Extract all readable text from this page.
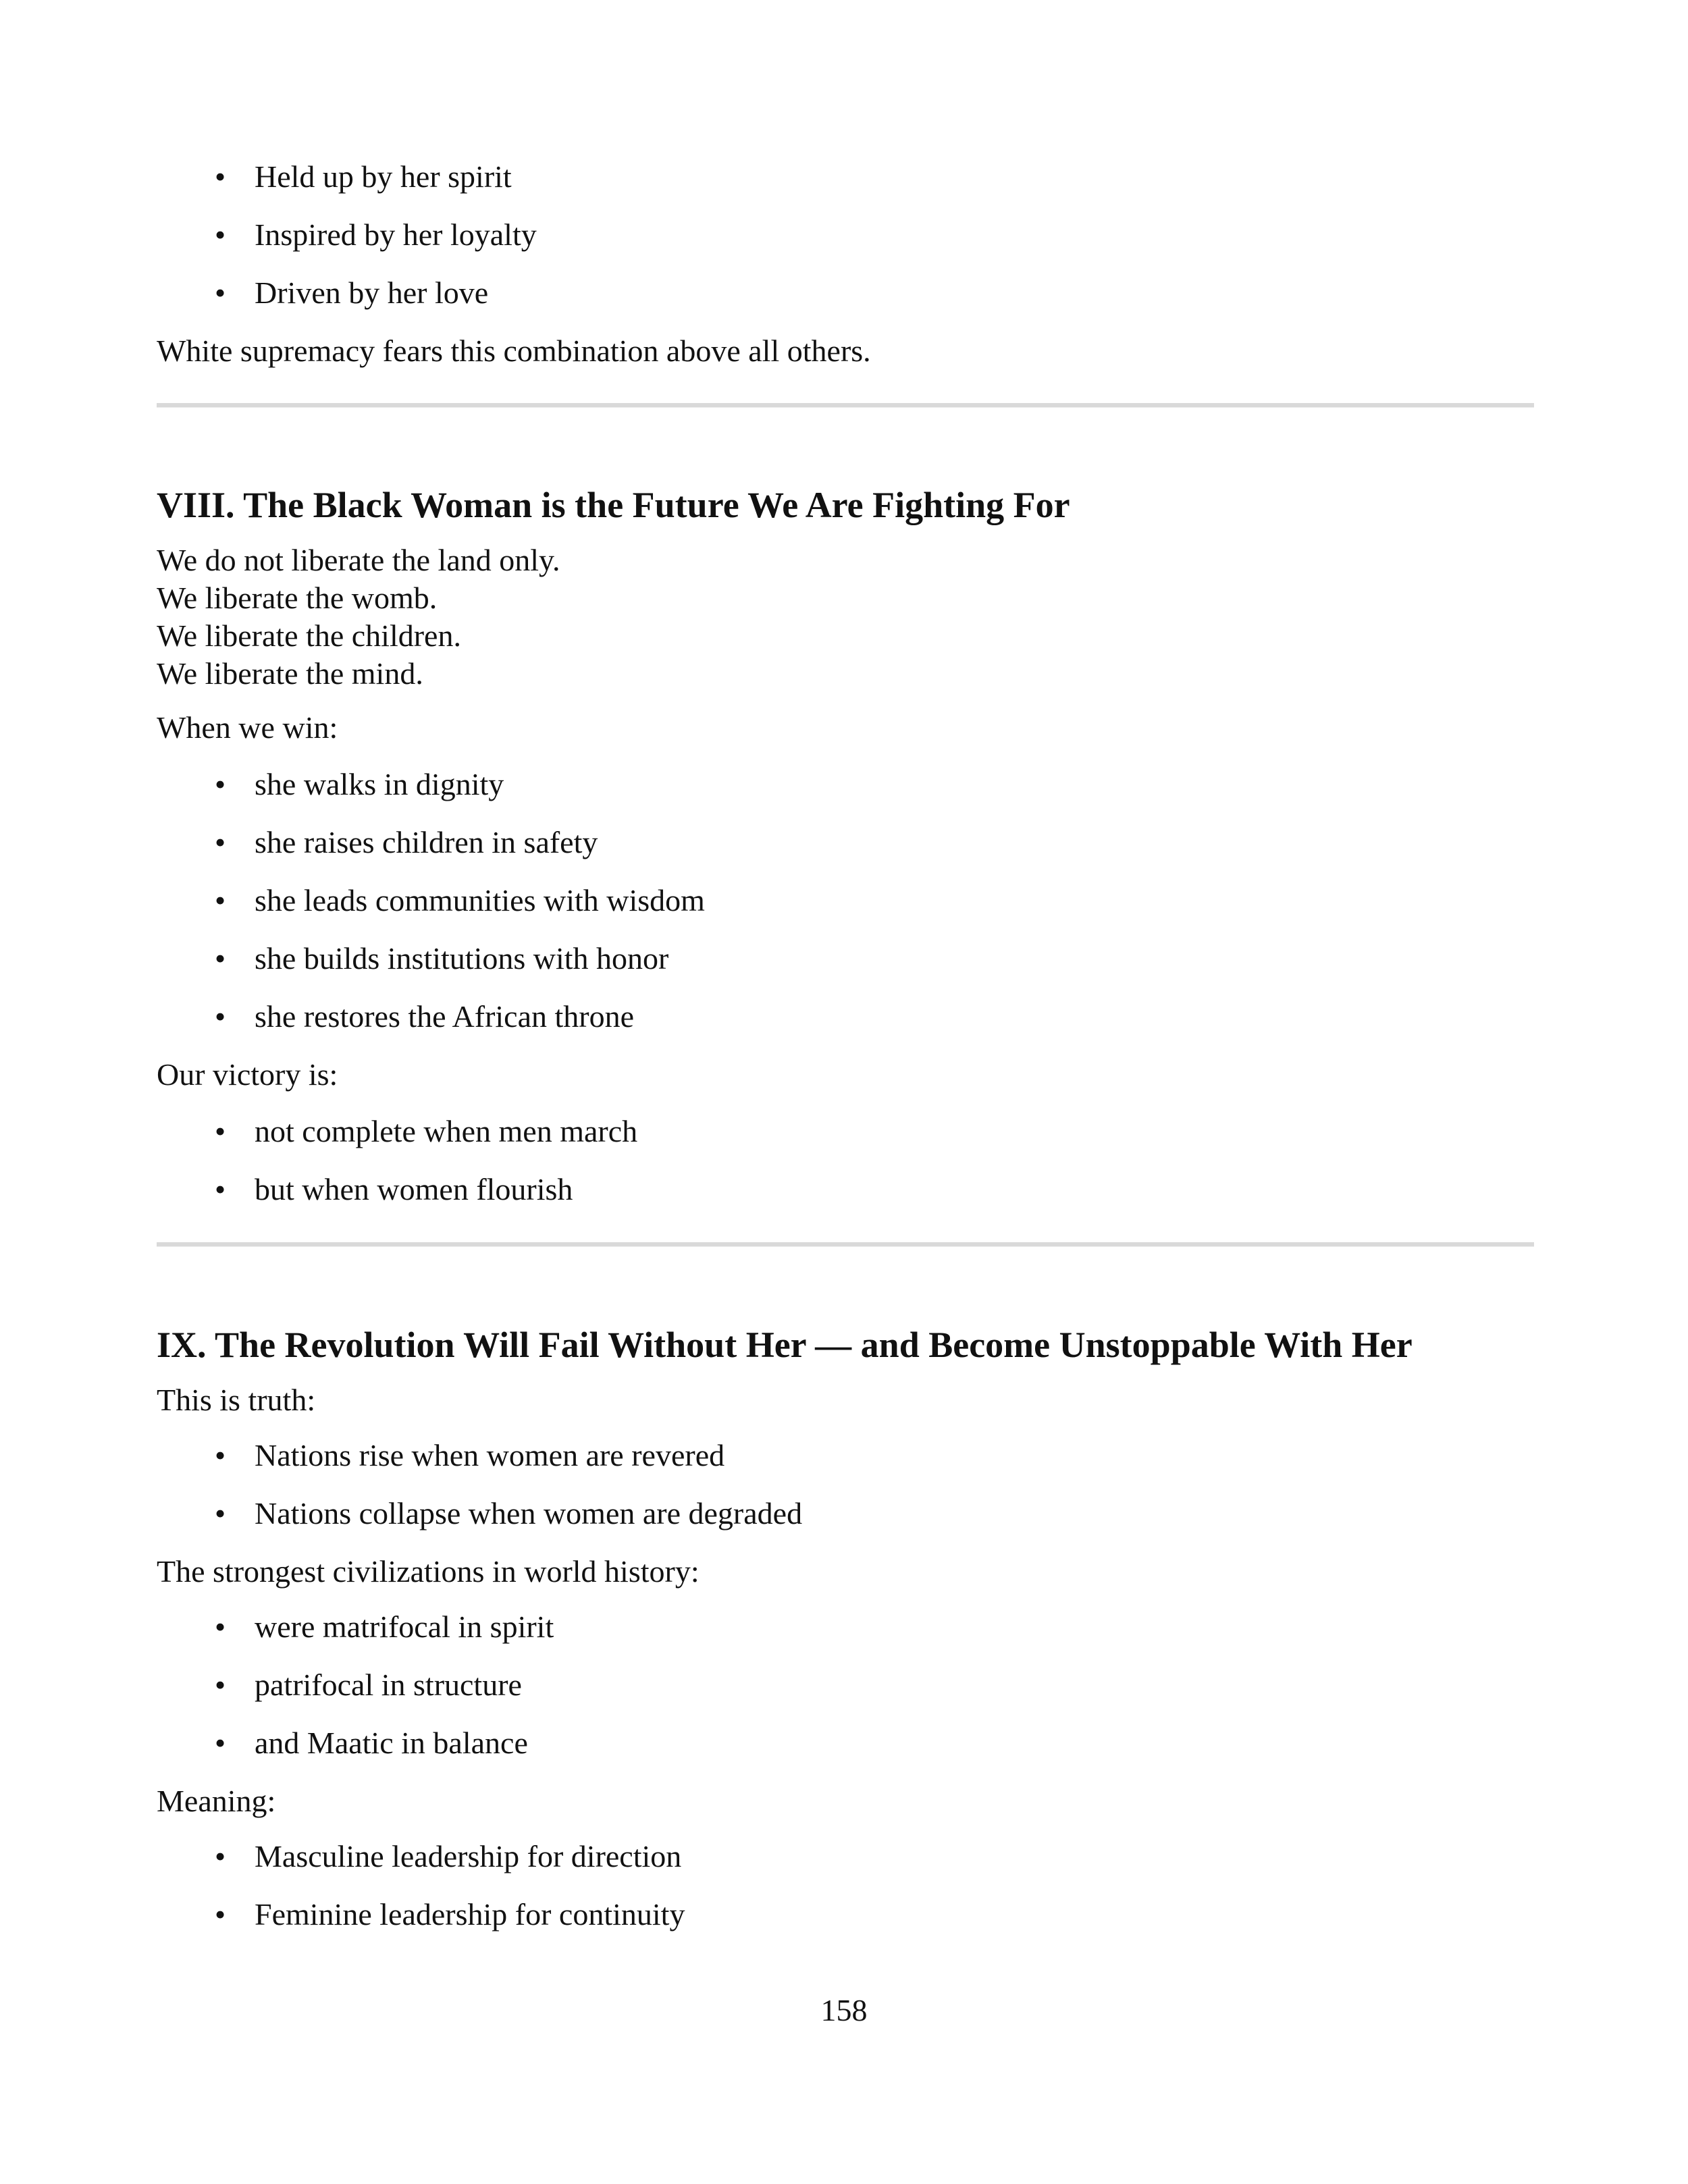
• Held up by her spirit
• Inspired by her loyalty
• Driven by her love
White supremacy fears this combination above all others.
VIII. The Black Woman is the Future We Are Fighting For
We do not liberate the land only.
We liberate the womb.
We liberate the children.
We liberate the mind.
When we win:
• she walks in dignity
• she raises children in safety
• she leads communities with wisdom
• she builds institutions with honor
• she restores the African throne
Our victory is:
• not complete when men march
• but when women flourish
IX. The Revolution Will Fail Without Her — and Become Unstoppable With Her
This is truth:
• Nations rise when women are revered
• Nations collapse when women are degraded
The strongest civilizations in world history:
• were matrifocal in spirit
• patrifocal in structure
• and Maatic in balance
Meaning:
• Masculine leadership for direction
• Feminine leadership for continuity
158
